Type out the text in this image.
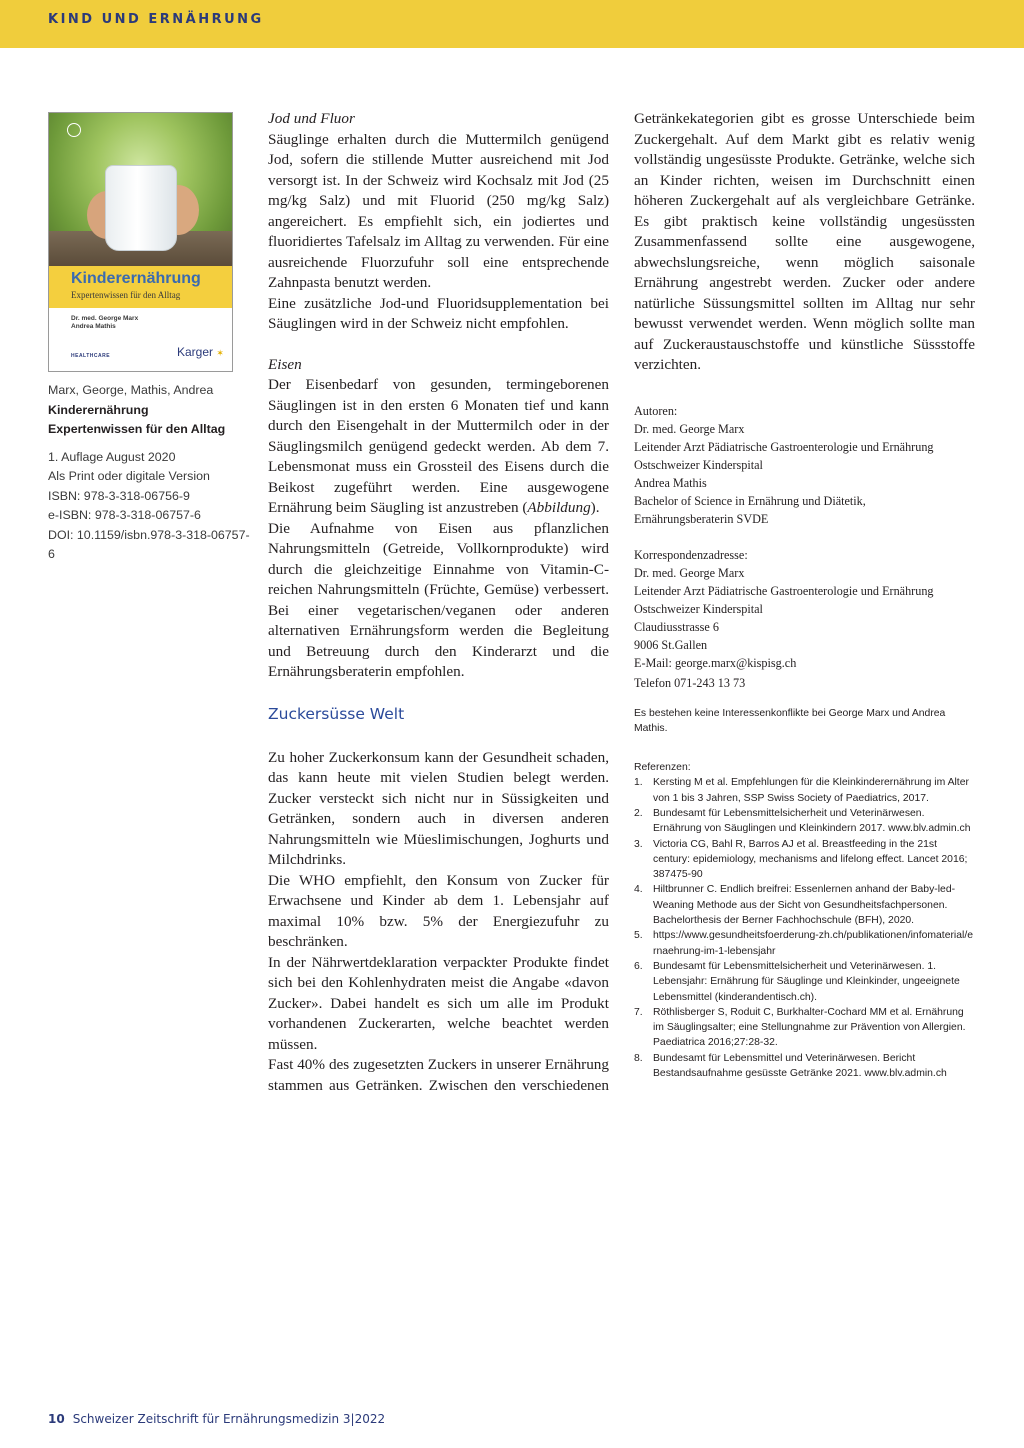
KIND UND ERNÄHRUNG
Kinderernährung
Expertenwissen für den Alltag
Dr. med. George Marx
Andrea Mathis
HEALTHCARE	Karger ✶
Marx, George, Mathis, Andrea
Kinderernährung
Expertenwissen für den Alltag
1. Auflage August 2020
Als Print oder digitale Version
ISBN: 978-3-318-06756-9
e-ISBN: 978-3-318-06757-6
DOI: 10.1159/isbn.978-3-318-06757-6

Jod und Fluor

Säuglinge erhalten durch die Muttermilch genügend Jod, sofern die stillende Mutter ausreichend mit Jod versorgt ist. In der Schweiz wird Kochsalz mit Jod (25 mg/kg Salz) und mit Fluorid (250 mg/kg Salz) angereichert. Es empfiehlt sich, ein jodiertes und fluoridiertes Tafelsalz im Alltag zu verwenden. Für eine ausreichende Fluorzufuhr soll eine entsprechende Zahnpasta benutzt werden.

Eine zusätzliche Jod-und Fluoridsupplementation bei Säuglingen wird in der Schweiz nicht empfohlen.

Eisen

Der Eisenbedarf von gesunden, termingeborenen Säuglingen ist in den ersten 6 Monaten tief und kann durch den Eisengehalt in der Muttermilch oder in der Säuglingsmilch genügend gedeckt werden. Ab dem 7. Lebensmonat muss ein Grossteil des Eisens durch die Beikost zugeführt werden. Eine ausgewogene Ernährung beim Säugling ist anzustreben (Abbildung).

Die Aufnahme von Eisen aus pflanzlichen Nahrungsmitteln (Getreide, Vollkornprodukte) wird durch die gleichzeitige Einnahme von Vitamin-C-reichen Nahrungsmitteln (Früchte, Gemüse) verbessert. Bei einer vegetarischen/veganen oder anderen alternativen Ernährungsform werden die Begleitung und Betreuung durch den Kinderarzt und die Ernährungsberaterin empfohlen.

Zuckersüsse Welt

Zu hoher Zuckerkonsum kann der Gesundheit schaden, das kann heute mit vielen Studien belegt werden. Zucker versteckt sich nicht nur in Süssigkeiten und Getränken, sondern auch in diversen anderen Nahrungsmitteln wie Müeslimischungen, Joghurts und Milchdrinks.

Die WHO empfiehlt, den Konsum von Zucker für Erwachsene und Kinder ab dem 1. Lebensjahr auf maximal 10% bzw. 5% der Energiezufuhr zu beschränken.

In der Nährwertdeklaration verpackter Produkte findet sich bei den Kohlenhydraten meist die Angabe «davon Zucker». Dabei handelt es sich um alle im Produkt vorhandenen Zuckerarten, welche beachtet werden müssen.

Fast 40% des zugesetzten Zuckers in unserer Ernährung stammen aus Getränken. Zwischen den verschiedenen

Getränkekategorien gibt es grosse Unterschiede beim Zuckergehalt. Auf dem Markt gibt es relativ wenig vollständig ungesüsste Produkte. Getränke, welche sich an Kinder richten, weisen im Durchschnitt einen höheren Zuckergehalt auf als vergleichbare Getränke. Es gibt praktisch keine vollständig ungesüssten

Zusammenfassend sollte eine ausgewogene, abwechslungsreiche, wenn möglich saisonale Ernährung angestrebt werden. Zucker oder andere natürliche Süssungsmittel sollten im Alltag nur sehr bewusst verwendet werden. Wenn möglich sollte man auf Zuckeraustauschstoffe und künstliche Süssstoffe verzichten.

Autoren:
Dr. med. George Marx
Leitender Arzt Pädiatrische Gastroenterologie und Ernährung
Ostschweizer Kinderspital
Andrea Mathis
Bachelor of Science in Ernährung und Diätetik,
Ernährungsberaterin SVDE
Korrespondenzadresse:
Dr. med. George Marx
Leitender Arzt Pädiatrische Gastroenterologie und Ernährung
Ostschweizer Kinderspital
Claudiusstrasse 6
9006 St.Gallen
E-Mail: george.marx@kispisg.ch
Telefon 071-243 13 73
Es bestehen keine Interessenkonflikte bei George Marx und Andrea Mathis.
Referenzen:
1. Kersting M et al. Empfehlungen für die Kleinkinderernährung im Alter von 1 bis 3 Jahren, SSP Swiss Society of Paediatrics, 2017.
2. Bundesamt für Lebensmittelsicherheit und Veterinärwesen. Ernährung von Säuglingen und Kleinkindern 2017. www.blv.admin.ch
3. Victoria CG, Bahl R, Barros AJ et al. Breastfeeding in the 21st century: epidemiology, mechanisms and lifelong effect. Lancet 2016; 387475-90
4. Hiltbrunner C. Endlich breifrei: Essenlernen anhand der Baby-led-Weaning Methode aus der Sicht von Gesundheitsfachpersonen. Bachelorthesis der Berner Fachhochschule (BFH), 2020.
5. https://www.gesundheitsfoerderung-zh.ch/publikationen/infomaterial/ernaehrung-im-1-lebensjahr
6. Bundesamt für Lebensmittelsicherheit und Veterinärwesen. 1. Lebensjahr: Ernährung für Säuglinge und Kleinkinder, ungeeignete Lebensmittel (kinderandentisch.ch).
7. Röthlisberger S, Roduit C, Burkhalter-Cochard MM et al. Ernährung im Säuglingsalter; eine Stellungnahme zur Prävention von Allergien. Paediatrica 2016;27:28-32.
8. Bundesamt für Lebensmittel und Veterinärwesen. Bericht Bestandsaufnahme gesüsste Getränke 2021. www.blv.admin.ch
10 Schweizer Zeitschrift für Ernährungsmedizin 3|2022
